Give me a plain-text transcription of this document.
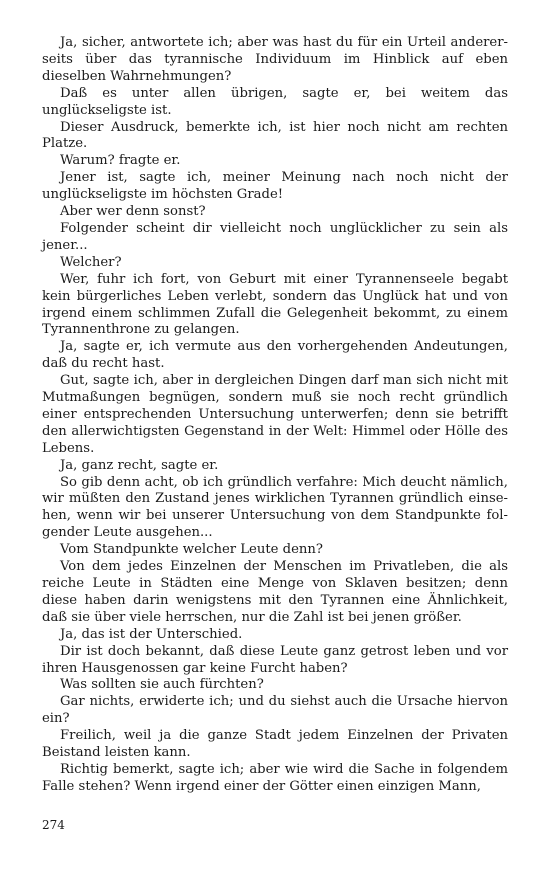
Ja, sicher, antwortete ich; aber was hast du für ein Urteil andererseits über das tyrannische Individuum im Hinblick auf eben dieselben Wahrnehmungen?

Daß es unter allen übrigen, sagte er, bei weitem das unglückseligste ist.

Dieser Ausdruck, bemerkte ich, ist hier noch nicht am rechten Platze.

Warum? fragte er.

Jener ist, sagte ich, meiner Meinung nach noch nicht der unglückseligste im höchsten Grade!

Aber wer denn sonst?

Folgender scheint dir vielleicht noch unglücklicher zu sein als jener...

Welcher?

Wer, fuhr ich fort, von Geburt mit einer Tyrannenseele begabt kein bürgerliches Leben verlebt, sondern das Unglück hat und von irgend einem schlimmen Zufall die Gelegenheit bekommt, zu einem Tyrannenthrone zu gelangen.

Ja, sagte er, ich vermute aus den vorhergehenden Andeutungen, daß du recht hast.

Gut, sagte ich, aber in dergleichen Dingen darf man sich nicht mit Mutmaßungen begnügen, sondern muß sie noch recht gründlich einer entsprechenden Untersuchung unterwerfen; denn sie betrifft den allerwichtigsten Gegenstand in der Welt: Himmel oder Hölle des Lebens.

Ja, ganz recht, sagte er.

So gib denn acht, ob ich gründlich verfahre: Mich deucht nämlich, wir müßten den Zustand jenes wirklichen Tyrannen gründlich einsehen, wenn wir bei unserer Untersuchung von dem Standpunkte folgender Leute ausgehen...

Vom Standpunkte welcher Leute denn?

Von dem jedes Einzelnen der Menschen im Privatleben, die als reiche Leute in Städten eine Menge von Sklaven besitzen; denn diese haben darin wenigstens mit den Tyrannen eine Ähnlichkeit, daß sie über viele herrschen, nur die Zahl ist bei jenen größer.

Ja, das ist der Unterschied.

Dir ist doch bekannt, daß diese Leute ganz getrost leben und vor ihren Hausgenossen gar keine Furcht haben?

Was sollten sie auch fürchten?

Gar nichts, erwiderte ich; und du siehst auch die Ursache hiervon ein?

Freilich, weil ja die ganze Stadt jedem Einzelnen der Privaten Beistand leisten kann.

Richtig bemerkt, sagte ich; aber wie wird die Sache in folgendem Falle stehen? Wenn irgend einer der Götter einen einzigen Mann,

274
